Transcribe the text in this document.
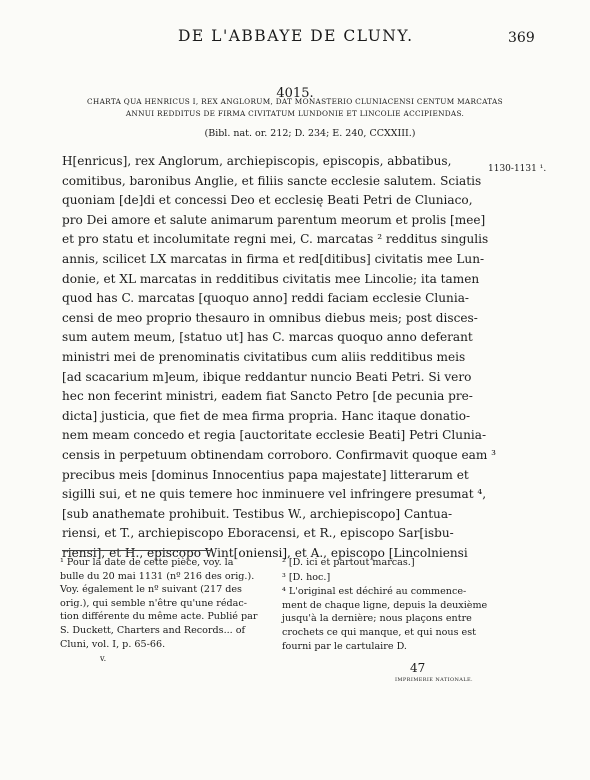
DE L'ABBAYE DE CLUNY.	369
4015.
CHARTA QUA HENRICUS I, REX ANGLORUM, DAT MONASTERIO CLUNIACENSI CENTUM MARCATAS
ANNUI REDDITUS DE FIRMA CIVITATUM LUNDONIE ET LINCOLIE ACCIPIENDAS.
(Bibl. nat. or. 212; D. 234; E. 240, CCXXIII.)
1130-1131 ¹.
H[enricus], rex Anglorum, archiepiscopis, episcopis, abbatibus,
comitibus, baronibus Anglie, et filiis sancte ecclesie salutem. Sciatis
quoniam [de]di et concessi Deo et ecclesię Beati Petri de Cluniaco,
pro Dei amore et salute animarum parentum meorum et prolis [mee]
et pro statu et incolumitate regni mei, C. marcatas ² redditus singulis
annis, scilicet LX marcatas in firma et red[ditibus] civitatis mee Lun-
donie, et XL marcatas in redditibus civitatis mee Lincolie; ita tamen
quod has C. marcatas [quoquo anno] reddi faciam ecclesie Clunia-
censi de meo proprio thesauro in omnibus diebus meis; post disces-
sum autem meum, [statuo ut] has C. marcas quoquo anno deferant
ministri mei de prenominatis civitatibus cum aliis redditibus meis
[ad scacarium m]eum, ibique reddantur nuncio Beati Petri. Si vero
hec non fecerint ministri, eadem fiat Sancto Petro [de pecunia pre-
dicta] justicia, que fiet de mea firma propria. Hanc itaque donatio-
nem meam concedo et regia [auctoritate ecclesie Beati] Petri Clunia-
censis in perpetuum obtinendam corroboro. Confirmavit quoque eam ³
precibus meis [dominus Innocentius papa majestate] litterarum et
sigilli sui, et ne quis temere hoc inminuere vel infringere presumat ⁴,
[sub anathemate prohibuit. Testibus W., archiepiscopo] Cantua-
riensi, et T., archiepiscopo Eboracensi, et R., episcopo Sar[isbu-
riensi], et H., episcopo Wint[oniensi], et A., episcopo [Lincolniensi
¹ Pour la date de cette pièce, voy. la
bulle du 20 mai 1131 (nº 216 des orig.).
Voy. également le nº suivant (217 des
orig.), qui semble n'être qu'une rédac-
tion différente du même acte. Publié par
S. Duckett, Charters and Records... of
Cluni, vol. I, p. 65-66.
² [D. ici et partout marcas.]
³ [D. hoc.]
⁴ L'original est déchiré au commence-
ment de chaque ligne, depuis la deuxième
jusqu'à la dernière; nous plaçons entre
crochets ce qui manque, et qui nous est
fourni par le cartulaire D.
v.
47
IMPRIMERIE NATIONALE.
